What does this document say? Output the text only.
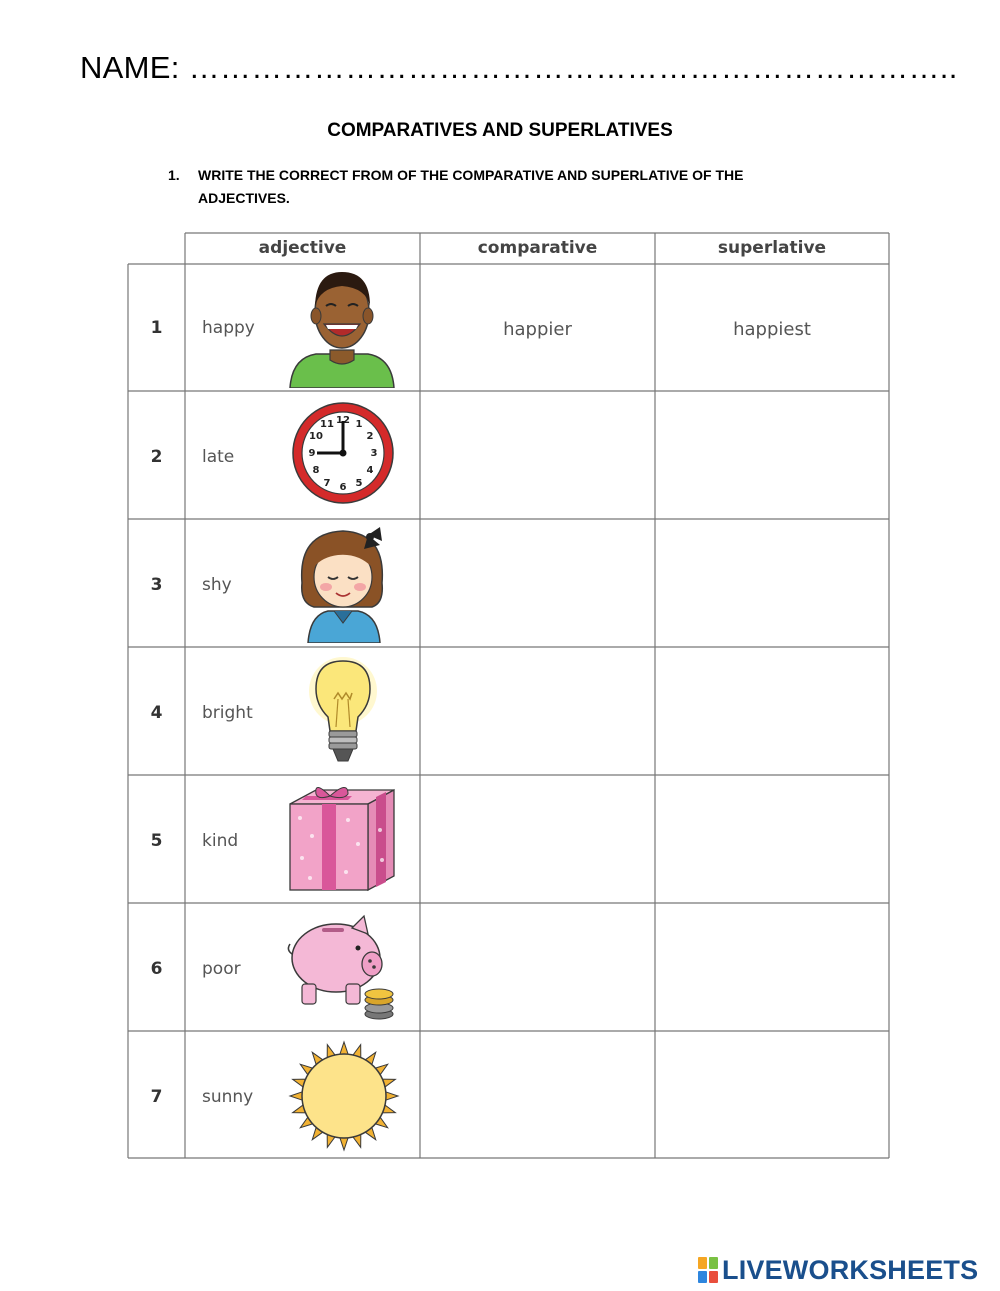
NAME: ………………………………………………………………..
COMPARATIVES AND SUPERLATIVES
1. WRITE THE CORRECT FROM OF THE COMPARATIVE AND SUPERLATIVE OF THE ADJECTIVES.
adjective	comparative	superlative
1	happy	happier	happiest
2	late
12 1
2
3
4
5
6
7
8
9
10
11
3	shy
4	bright
5	kind
6	poor
7	sunny
LIVEWORKSHEETS
